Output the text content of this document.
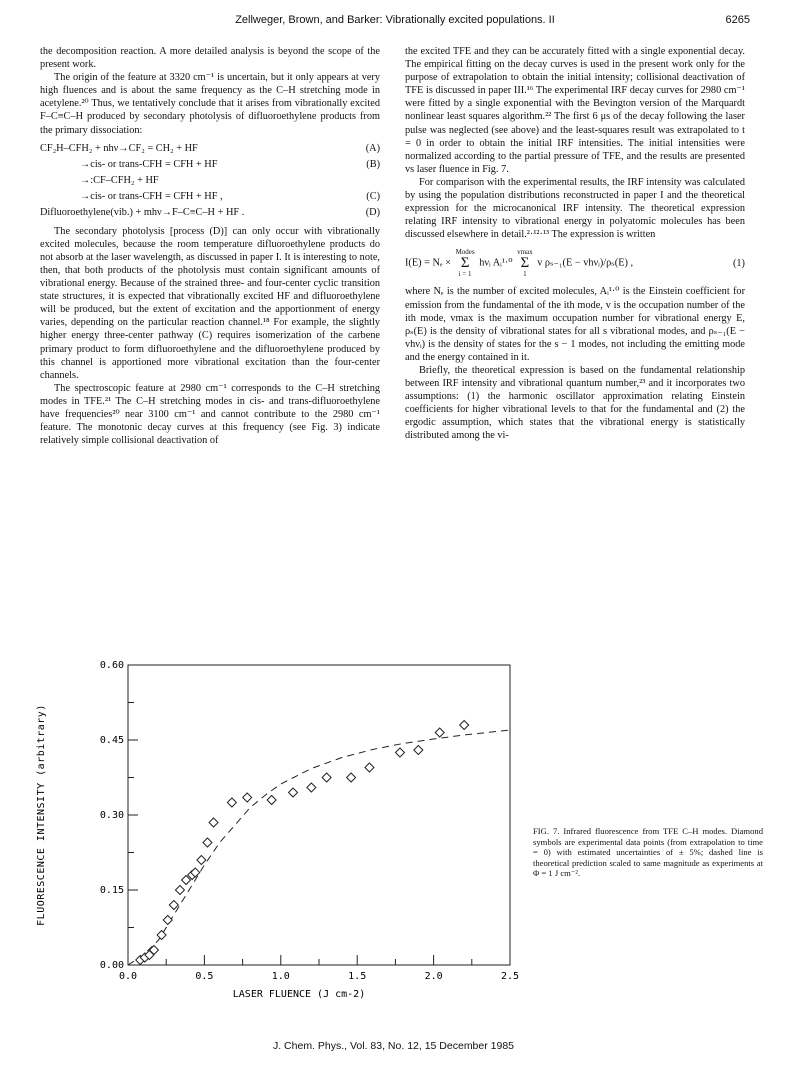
Zellweger, Brown, and Barker: Vibrationally excited populations. II	6265

the decomposition reaction. A more detailed analysis is beyond the scope of the present work.

The origin of the feature at 3320 cm⁻¹ is uncertain, but it only appears at very high fluences and is about the same frequency as the C–H stretching mode in acetylene.²⁰ Thus, we tentatively conclude that it arises from vibrationally excited F–C≡C–H produced by secondary photolysis of difluoroethylene products from the primary dissociation:

CF₂H–CFH₂ + nhν→CF₂ = CH₂ + HF	(A)
→cis- or trans-CFH = CFH + HF	(B)
→:CF–CFH₂ + HF
→cis- or trans-CFH = CFH + HF ,	(C)
Difluoroethylene(vib.) + mhν→F–C≡C–H + HF .	(D)

The secondary photolysis [process (D)] can only occur with vibrationally excited molecules, because the room temperature difluoroethylene products do not absorb at the laser wavelength, as discussed in paper I. It is interesting to note, then, that both products of the photolysis must contain significant amounts of vibrational energy. Because of the strained three- and four-center cyclic transition state structures, it is expected that vibrationally excited HF and difluoroethylene will be produced, but the extent of excitation and the apportionment of energy varies, depending on the particular reaction channel.¹⁸ For example, the slightly higher energy three-center pathway (C) requires isomerization of the carbene primary product to form difluoroethylene and the difluoroethylene produced by this channel is apportioned more vibrational excitation than the four-center channels.

The spectroscopic feature at 2980 cm⁻¹ corresponds to the C–H stretching modes in TFE.²¹ The C–H stretching modes in cis- and trans-difluoroethylene have frequencies²⁰ near 3100 cm⁻¹ and cannot contribute to the 2980 cm⁻¹ feature. The monotonic decay curves at this frequency (see Fig. 3) indicate relatively simple collisional deactivation of

the excited TFE and they can be accurately fitted with a single exponential decay. The empirical fitting on the decay curves is used in the present work only for the purpose of extrapolation to obtain the initial intensity; collisional deactivation of TFE is discussed in paper III.¹⁶ The experimental IRF decay curves for 2980 cm⁻¹ were fitted by a single exponential with the Bevington version of the Marquardt nonlinear least squares algorithm.²² The first 6 μs of the decay following the laser pulse was neglected (see above) and the least-squares result was extrapolated to t = 0 in order to obtain the initial IRF intensities. The initial intensities were normalized according to the partial pressure of TFE, and the results are presented vs laser fluence in Fig. 7.

For comparison with the experimental results, the IRF intensity was calculated by using the population distributions reconstructed in paper I and the theoretical expression for the microcanonical IRF intensity. The theoretical expression relating IRF intensity to vibrational energy in polyatomic molecules has been discussed elsewhere in detail.²·¹²·¹³ The expression is written

I(E) = Nₑ ×
Modes
Σ
i = 1
hνᵢ Aᵢ¹·⁰
vmax
Σ
1
v ρₛ₋₁(E − vhνᵢ)/ρₛ(E) ,	(1)

where Nₑ is the number of excited molecules, Aᵢ¹·⁰ is the Einstein coefficient for emission from the fundamental of the ith mode, v is the occupation number of the ith mode, vmax is the maximum occupation number for vibrational energy E, ρₛ(E) is the density of vibrational states for all s vibrational modes, and ρₛ₋₁(E − vhνᵢ) is the density of states for the s − 1 modes, not including the emitting mode and the energy contained in it.

Briefly, the theoretical expression is based on the fundamental relationship between IRF intensity and vibrational quantum number,²³ and it incorporates two assumptions: (1) the harmonic oscillator approximation relating Einstein coefficients for higher vibrational levels to that for the fundamental and (2) the ergodic assumption, which states that the vibrational energy is statistically distributed among the vi-

0.0	0.5	1.0	1.5	2.0	2.5
0.00
0.15
0.30
0.45
0.60
FLUORESCENCE INTENSITY (arbitrary)
LASER FLUENCE (J cm-2)
FIG. 7. Infrared fluorescence from TFE C–H modes. Diamond symbols are experimental data points (from extrapolation to time = 0) with estimated uncertainties of ± 5%; dashed line is theoretical prediction scaled to same magnitude as experiments at Φ = 1 J cm⁻².
J. Chem. Phys., Vol. 83, No. 12, 15 December 1985
